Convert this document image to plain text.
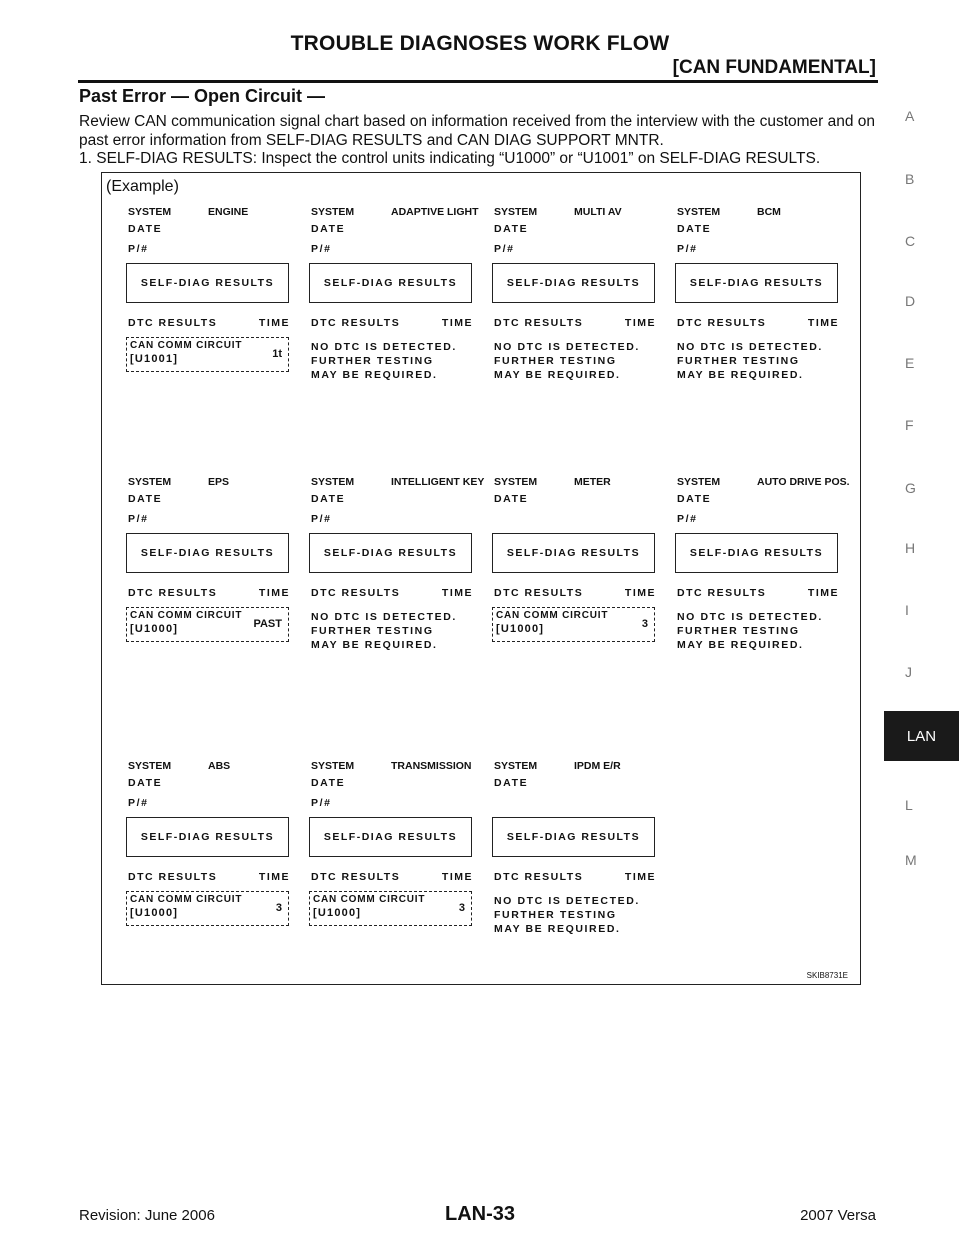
TROUBLE DIAGNOSES WORK FLOW
[CAN FUNDAMENTAL]
Past Error — Open Circuit —
Review CAN communication signal chart based on information received from the interview with the customer and on past error information from SELF-DIAG RESULTS and CAN DIAG SUPPORT MNTR.
1. SELF-DIAG RESULTS: Inspect the control units indicating “U1000” or “U1001” on SELF-DIAG RESULTS.
(Example)
SYSTEM	ENGINE
DATE
P/#
SELF-DIAG RESULTS
DTC RESULTS	TIME
CAN COMM CIRCUIT
[U1001]	1t
SYSTEM	ADAPTIVE LIGHT
DATE
P/#
SELF-DIAG RESULTS
DTC RESULTS	TIME
NO DTC IS DETECTED.
FURTHER TESTING
MAY BE REQUIRED.
SYSTEM	MULTI AV
DATE
P/#
SELF-DIAG RESULTS
DTC RESULTS	TIME
NO DTC IS DETECTED.
FURTHER TESTING
MAY BE REQUIRED.
SYSTEM	BCM
DATE
P/#
SELF-DIAG RESULTS
DTC RESULTS	TIME
NO DTC IS DETECTED.
FURTHER TESTING
MAY BE REQUIRED.
SYSTEM	EPS
DATE
P/#
SELF-DIAG RESULTS
DTC RESULTS	TIME
CAN COMM CIRCUIT
[U1000]	PAST
SYSTEM	INTELLIGENT KEY
DATE
P/#
SELF-DIAG RESULTS
DTC RESULTS	TIME
NO DTC IS DETECTED.
FURTHER TESTING
MAY BE REQUIRED.
SYSTEM	METER
DATE
SELF-DIAG RESULTS
DTC RESULTS	TIME
CAN COMM CIRCUIT
[U1000]	3
SYSTEM	AUTO DRIVE POS.
DATE
P/#
SELF-DIAG RESULTS
DTC RESULTS	TIME
NO DTC IS DETECTED.
FURTHER TESTING
MAY BE REQUIRED.
SYSTEM	ABS
DATE
P/#
SELF-DIAG RESULTS
DTC RESULTS	TIME
CAN COMM CIRCUIT
[U1000]	3
SYSTEM	TRANSMISSION
DATE
P/#
SELF-DIAG RESULTS
DTC RESULTS	TIME
CAN COMM CIRCUIT
[U1000]	3
SYSTEM	IPDM E/R
DATE
SELF-DIAG RESULTS
DTC RESULTS	TIME
NO DTC IS DETECTED.
FURTHER TESTING
MAY BE REQUIRED.
SKIB8731E
A
B
C
D
E
F
G
H
I
J
L
M
LAN
Revision: June 2006	LAN-33	2007 Versa
